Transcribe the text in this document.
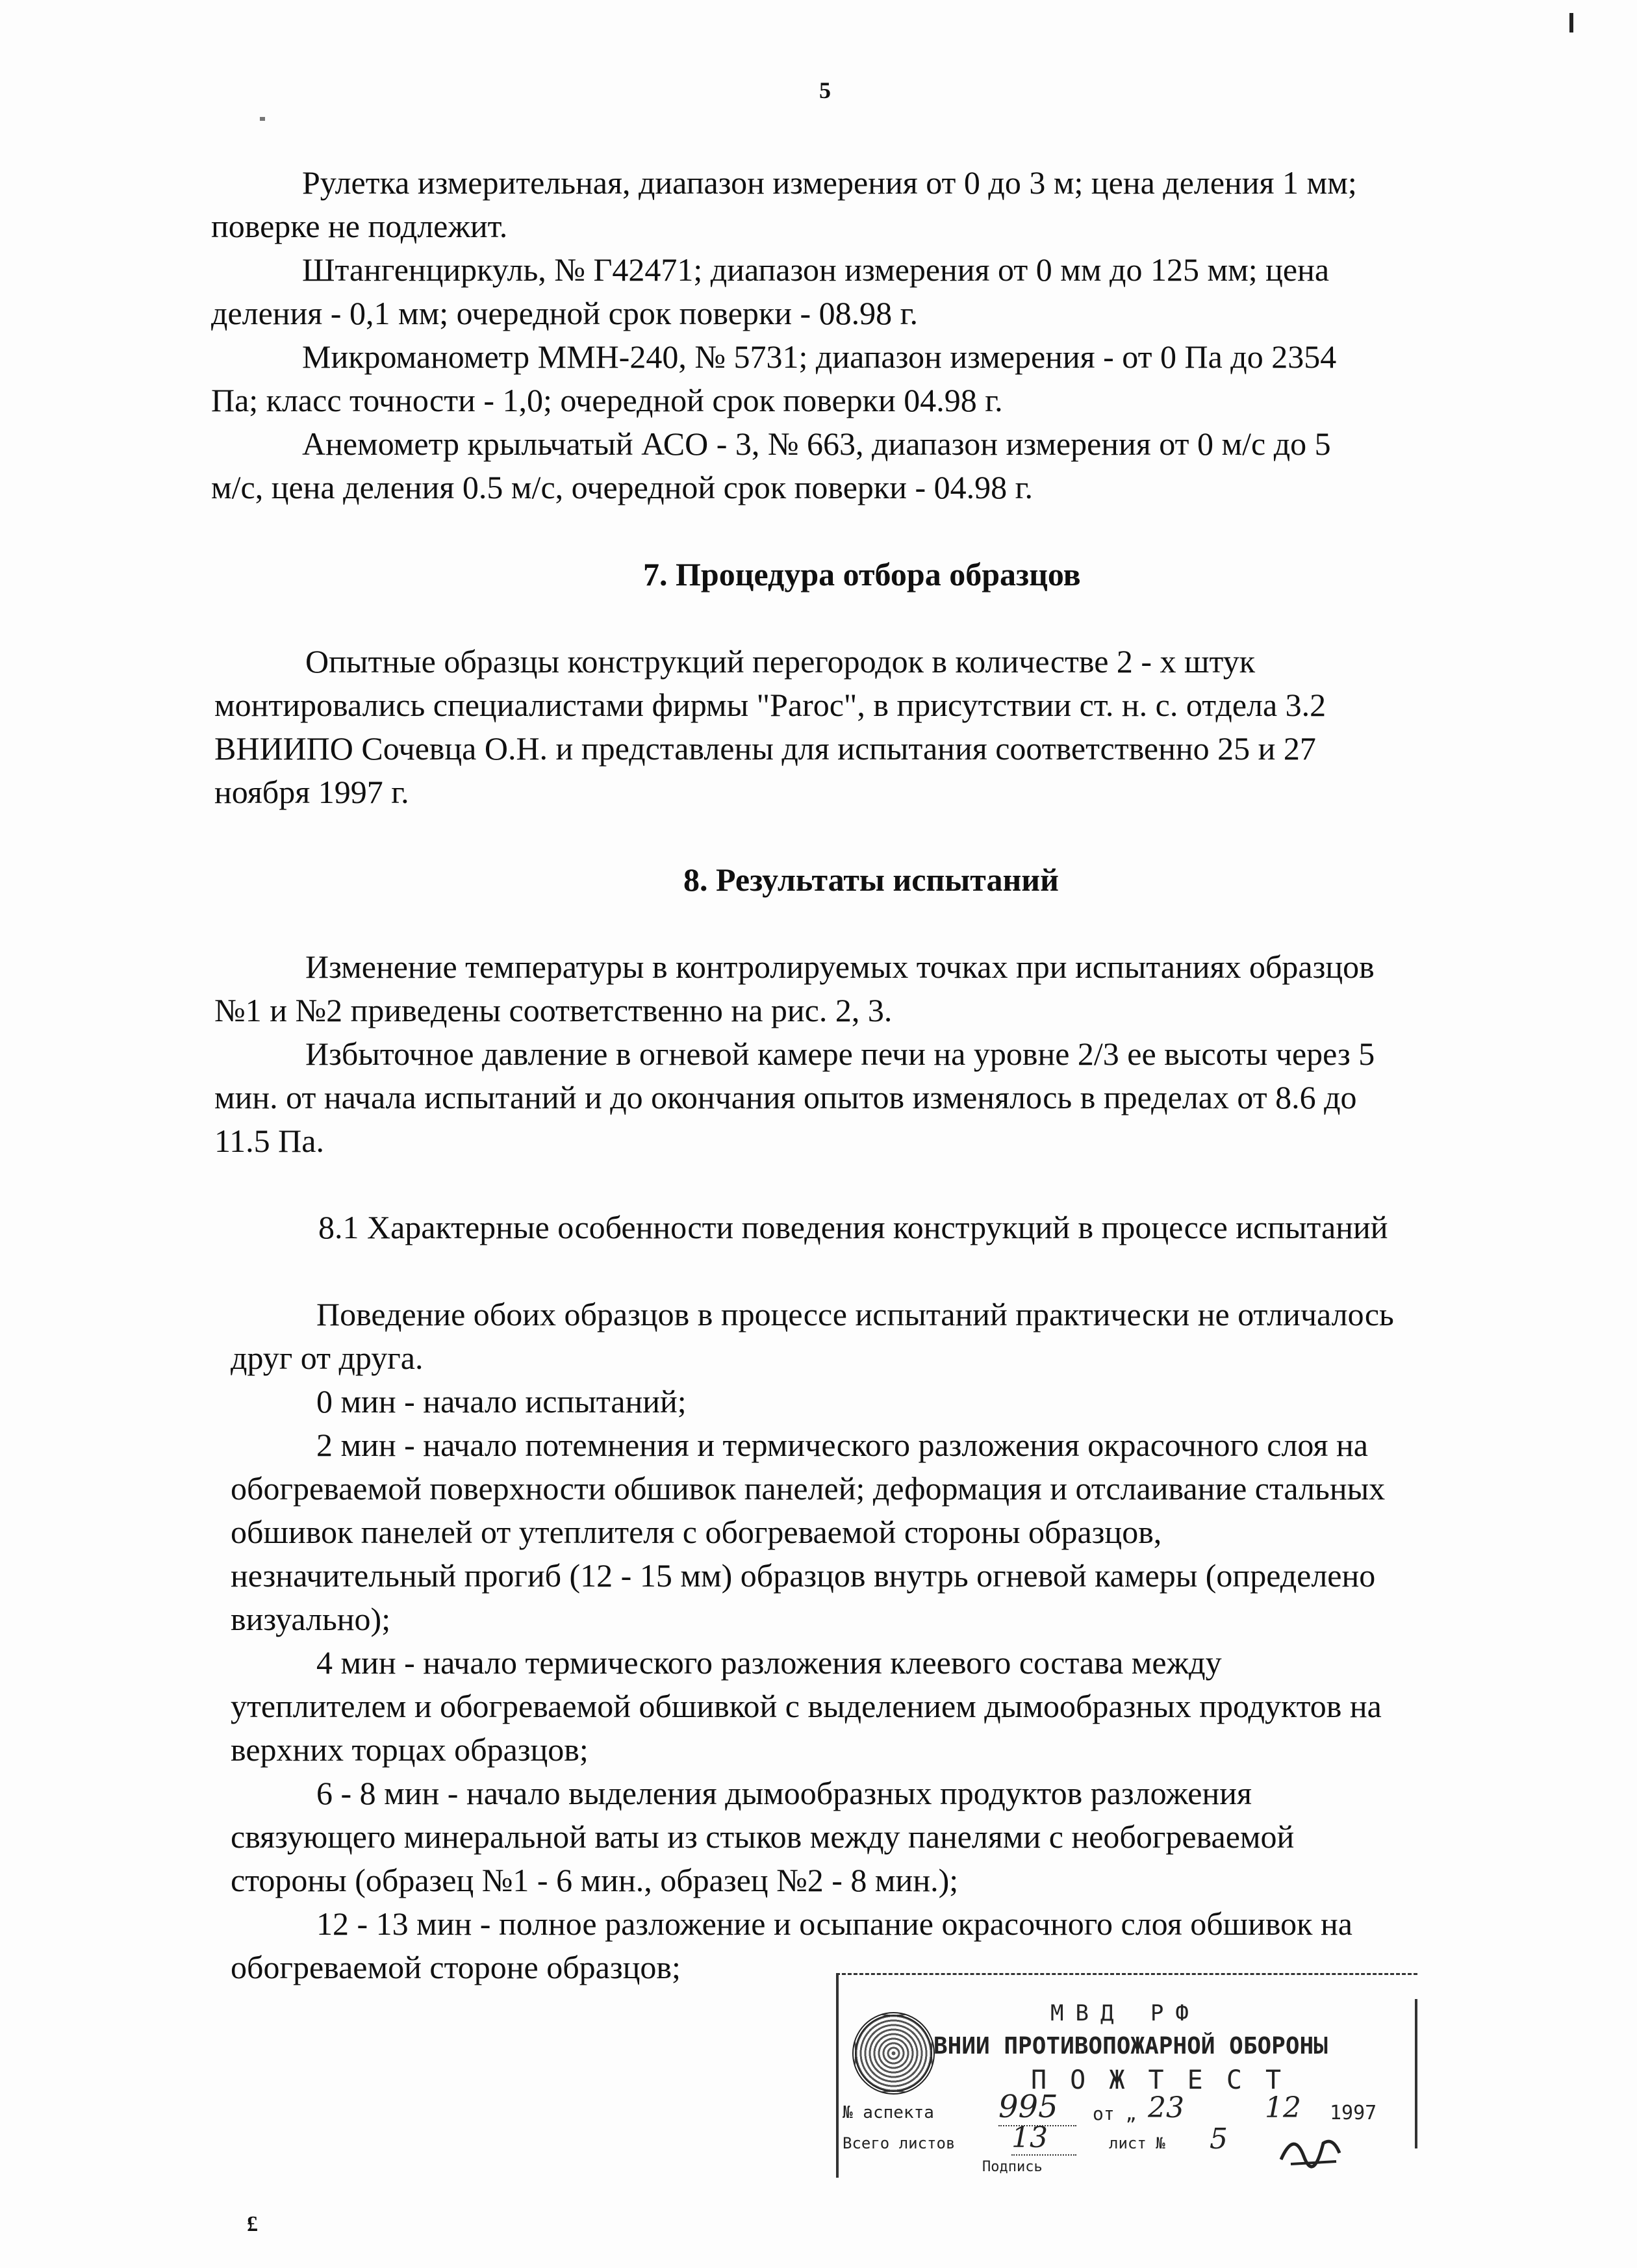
5

Рулетка измерительная, диапазон измерения от 0 до 3 м; цена деления 1 мм;

поверке не подлежит.

Штангенциркуль, № Г42471; диапазон измерения от 0 мм до 125 мм; цена

деления - 0,1 мм; очередной срок поверки - 08.98 г.

Микроманометр ММН-240, № 5731; диапазон измерения - от 0 Па до 2354

Па; класс точности - 1,0; очередной срок поверки 04.98 г.

Анемометр крыльчатый АСО - 3, № 663, диапазон измерения от 0 м/с до 5

м/с, цена деления 0.5 м/с, очередной срок поверки - 04.98 г.

7. Процедура отбора образцов

Опытные образцы конструкций перегородок в количестве 2 - х штук

монтировались специалистами фирмы "Parоc", в присутствии ст. н. с. отдела 3.2

ВНИИПО Сочевца О.Н. и представлены для испытания соответственно 25 и 27

ноября 1997 г.

8. Результаты испытаний

Изменение температуры в контролируемых точках при испытаниях образцов

№1 и №2 приведены соответственно на рис. 2, 3.

Избыточное давление в огневой камере печи на уровне 2/3 ее высоты через 5

мин. от начала испытаний и до окончания опытов изменялось в пределах от 8.6 до

11.5 Па.

8.1 Характерные особенности поведения конструкций в процессе испытаний

Поведение обоих образцов в процессе испытаний практически не отличалось

друг от друга.

0 мин - начало испытаний;

2 мин - начало потемнения и термического разложения окрасочного слоя на

обогреваемой поверхности обшивок панелей; деформация и отслаивание стальных

обшивок панелей от утеплителя с обогреваемой стороны образцов,

незначительный прогиб (12 - 15 мм) образцов внутрь огневой камеры (определено

визуально);

4 мин - начало термического разложения клеевого состава между

утеплителем и обогреваемой обшивкой с выделением дымообразных продуктов на

верхних торцах образцов;

6 - 8 мин - начало выделения дымообразных продуктов разложения

связующего минеральной ваты из стыков между панелями с необогреваемой

стороны (образец №1 - 6 мин., образец №2 - 8 мин.);

12 - 13 мин - полное разложение и осыпание окрасочного слоя обшивок на

обогреваемой стороне образцов;

МВД РФ
ВНИИ ПРОТИВОПОЖАРНОЙ ОБОРОНЫ
П О Ж Т Е С Т
№ аспекта 995	от „ 23	12 1997
Всего листов 13	лист № 5
Подпись
£
